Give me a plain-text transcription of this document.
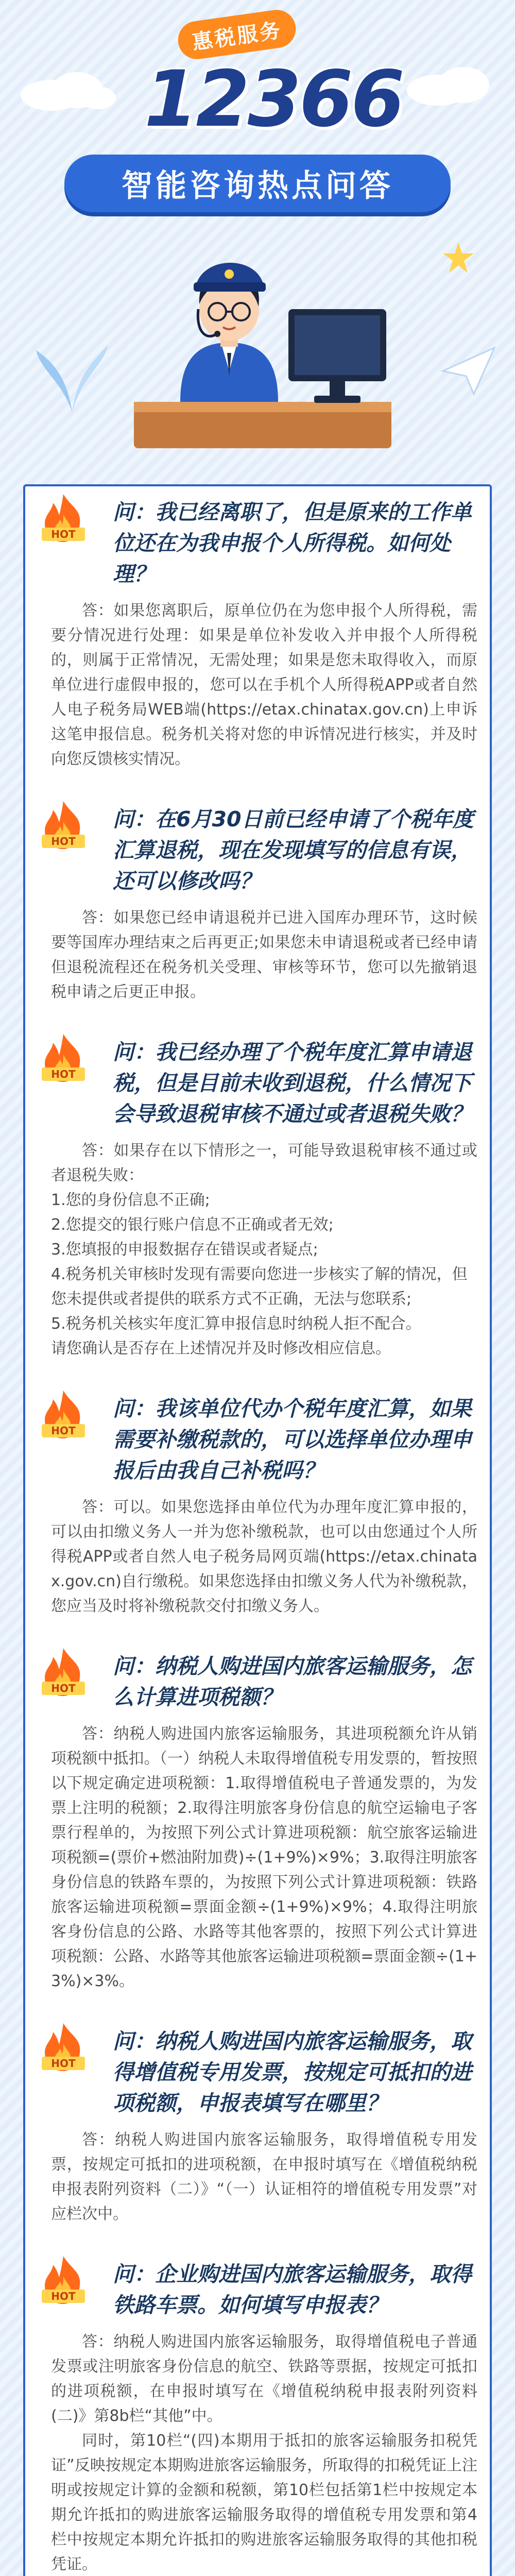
惠税服务
12366
智能咨询热点问答
HOT

问：我已经离职了，但是原来的工作单位还在为我申报个人所得税。如何处理？

答：如果您离职后，原单位仍在为您申报个人所得税，需要分情况进行处理：如果是单位补发收入并申报个人所得税的，则属于正常情况，无需处理；如果是您未取得收入，而原单位进行虚假申报的，您可以在手机个人所得税APP或者自然人电子税务局WEB端(https://etax.chinatax.gov.cn)上申诉这笔申报信息。税务机关将对您的申诉情况进行核实，并及时向您反馈核实情况。

HOT

问：在6月30日前已经申请了个税年度汇算退税，现在发现填写的信息有误，还可以修改吗？

答：如果您已经申请退税并已进入国库办理环节，这时候要等国库办理结束之后再更正;如果您未申请退税或者已经申请但退税流程还在税务机关受理、审核等环节，您可以先撤销退税申请之后更正申报。

HOT

问：我已经办理了个税年度汇算申请退税，但是目前未收到退税，什么情况下会导致退税审核不通过或者退税失败？

答：如果存在以下情形之一，可能导致退税审核不通过或者退税失败：

1.您的身份信息不正确;
2.您提交的银行账户信息不正确或者无效;
3.您填报的申报数据存在错误或者疑点;
4.税务机关审核时发现有需要向您进一步核实了解的情况，但您未提供或者提供的联系方式不正确，无法与您联系;
5.税务机关核实年度汇算申报信息时纳税人拒不配合。

请您确认是否存在上述情况并及时修改相应信息。

HOT

问：我该单位代办个税年度汇算，如果需要补缴税款的，可以选择单位办理申报后由我自己补税吗？

答：可以。如果您选择由单位代为办理年度汇算申报的，可以由扣缴义务人一并为您补缴税款，也可以由您通过个人所得税APP或者自然人电子税务局网页端(https://etax.chinatax.gov.cn)自行缴税。如果您选择由扣缴义务人代为补缴税款，您应当及时将补缴税款交付扣缴义务人。

HOT

问：纳税人购进国内旅客运输服务，怎么计算进项税额？

答：纳税人购进国内旅客运输服务，其进项税额允许从销项税额中抵扣。（一）纳税人未取得增值税专用发票的，暂按照以下规定确定进项税额：1.取得增值税电子普通发票的，为发票上注明的税额；2.取得注明旅客身份信息的航空运输电子客票行程单的，为按照下列公式计算进项税额：航空旅客运输进项税额=(票价+燃油附加费)÷(1+9%)×9%；3.取得注明旅客身份信息的铁路车票的，为按照下列公式计算进项税额：铁路旅客运输进项税额=票面金额÷(1+9%)×9%；4.取得注明旅客身份信息的公路、水路等其他客票的，按照下列公式计算进项税额：公路、水路等其他旅客运输进项税额=票面金额÷(1+3%)×3%。

HOT

问：纳税人购进国内旅客运输服务，取得增值税专用发票，按规定可抵扣的进项税额，申报表填写在哪里？

答：纳税人购进国内旅客运输服务，取得增值税专用发票，按规定可抵扣的进项税额，在申报时填写在《增值税纳税申报表附列资料（二）》“（一）认证相符的增值税专用发票”对应栏次中。

HOT

问：企业购进国内旅客运输服务，取得铁路车票。如何填写申报表？

答：纳税人购进国内旅客运输服务，取得增值税电子普通发票或注明旅客身份信息的航空、铁路等票据，按规定可抵扣的进项税额，在申报时填写在《增值税纳税申报表附列资料(二)》第8b栏“其他”中。

同时，第10栏“(四)本期用于抵扣的旅客运输服务扣税凭证”反映按规定本期购进旅客运输服务，所取得的扣税凭证上注明或按规定计算的金额和税额，第10栏包括第1栏中按规定本期允许抵扣的购进旅客运输服务取得的增值税专用发票和第4栏中按规定本期允许抵扣的购进旅客运输服务取得的其他扣税凭证。
